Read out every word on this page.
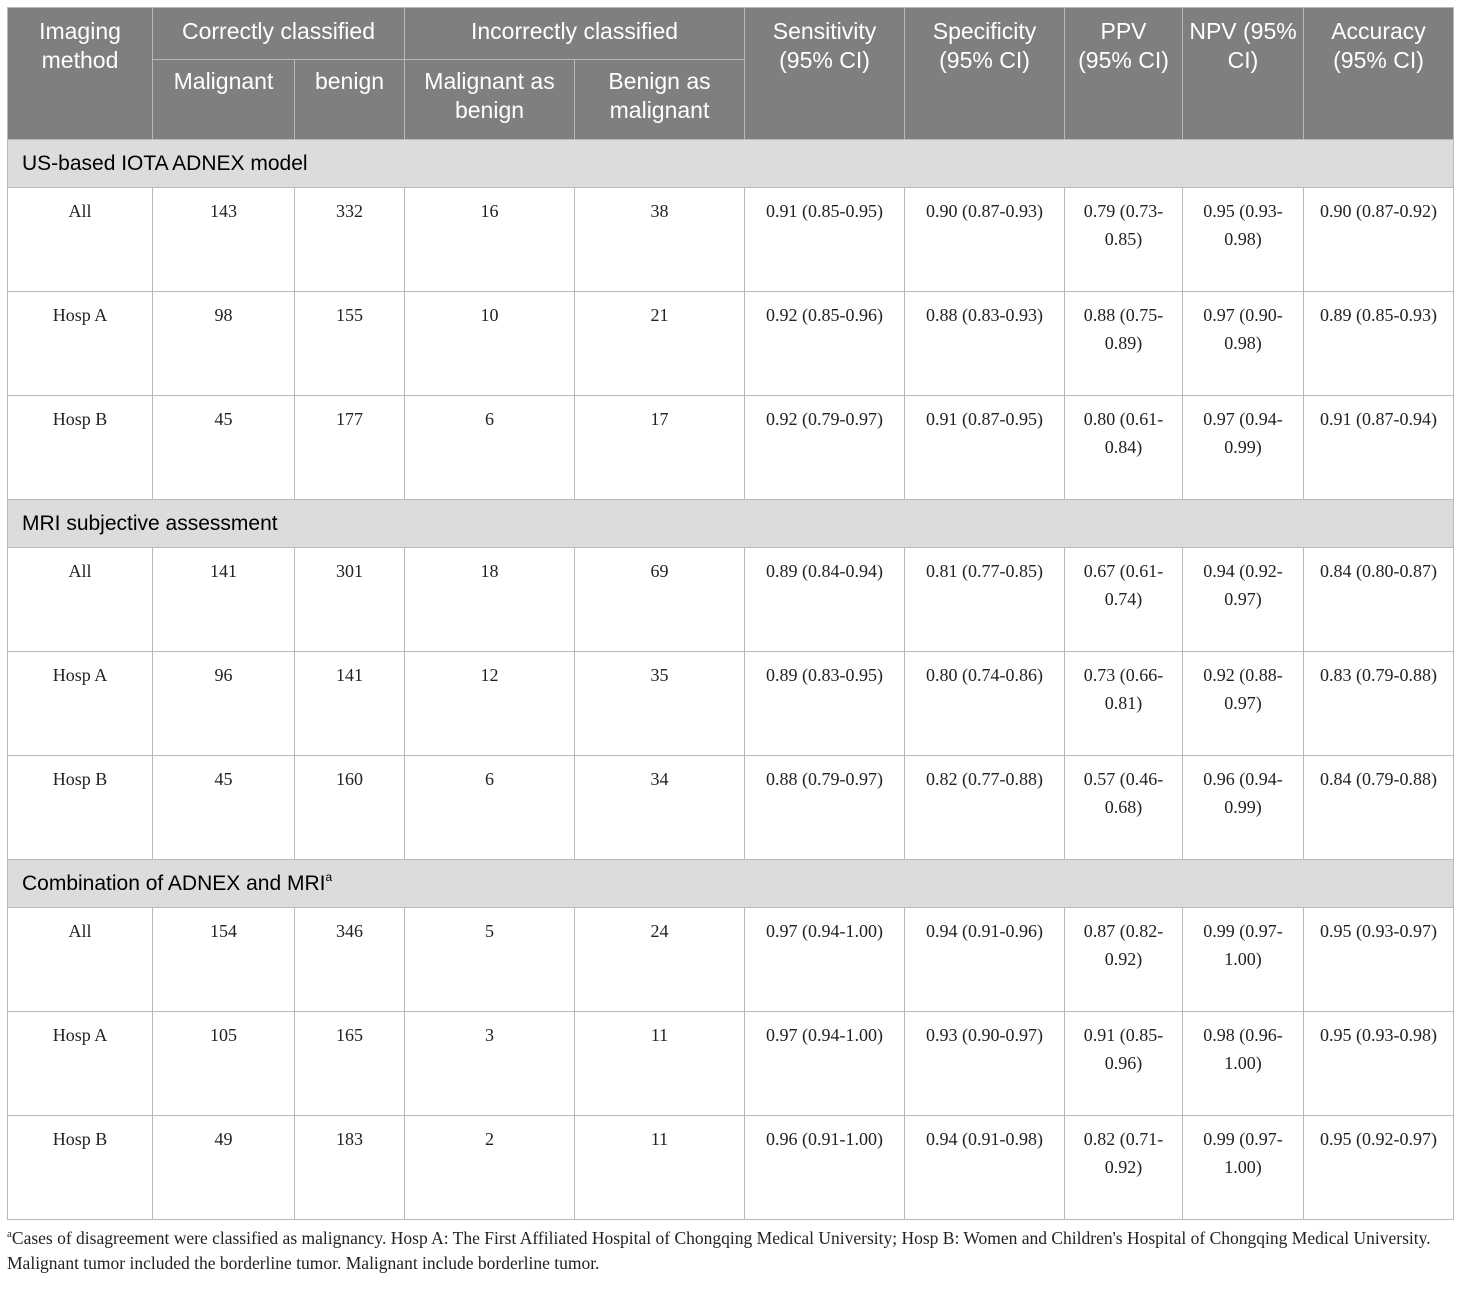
Imaging method	Correctly classified		Incorrectly classified		Sensitivity (95% CI)	Specificity (95% CI)	PPV (95% CI)	NPV (95% CI)	Accuracy (95% CI)
	Malignant	benign	Malignant as benign	Benign as malignant					
US-based IOTA ADNEX model									
All	143	332	16	38	0.91 (0.85-0.95)	0.90 (0.87-0.93)	0.79 (0.73-0.85)	0.95 (0.93-0.98)	0.90 (0.87-0.92)
Hosp A	98	155	10	21	0.92 (0.85-0.96)	0.88 (0.83-0.93)	0.88 (0.75-0.89)	0.97 (0.90-0.98)	0.89 (0.85-0.93)
Hosp B	45	177	6	17	0.92 (0.79-0.97)	0.91 (0.87-0.95)	0.80 (0.61-0.84)	0.97 (0.94-0.99)	0.91 (0.87-0.94)
MRI subjective assessment									
All	141	301	18	69	0.89 (0.84-0.94)	0.81 (0.77-0.85)	0.67 (0.61-0.74)	0.94 (0.92-0.97)	0.84 (0.80-0.87)
Hosp A	96	141	12	35	0.89 (0.83-0.95)	0.80 (0.74-0.86)	0.73 (0.66-0.81)	0.92 (0.88-0.97)	0.83 (0.79-0.88)
Hosp B	45	160	6	34	0.88 (0.79-0.97)	0.82 (0.77-0.88)	0.57 (0.46-0.68)	0.96 (0.94-0.99)	0.84 (0.79-0.88)
Combination of ADNEX and MRI$^a$
All	154	346	5	24	0.97 (0.94-1.00)	0.94 (0.91-0.96)	0.87 (0.82-0.92)	0.99 (0.97-1.00)	0.95 (0.93-0.97)
Hosp A	105	165	3	11	0.97 (0.94-1.00)	0.93 (0.90-0.97)	0.91 (0.85-0.96)	0.98 (0.96-1.00)	0.95 (0.93-0.98)
Hosp B	49	183	2	11	0.96 (0.91-1.00)	0.94 (0.91-0.98)	0.82 (0.71-0.92)	0.99 (0.97-1.00)	0.95 (0.92-0.97)
$^a$Cases of disagreement were classified as malignancy. Hosp A: The First Affiliated Hospital of Chongqing Medical University; Hosp B: Women and Children's Hospital of Chongqing Medical University.
Malignant tumor included the borderline tumor. Malignant include borderline tumor.
